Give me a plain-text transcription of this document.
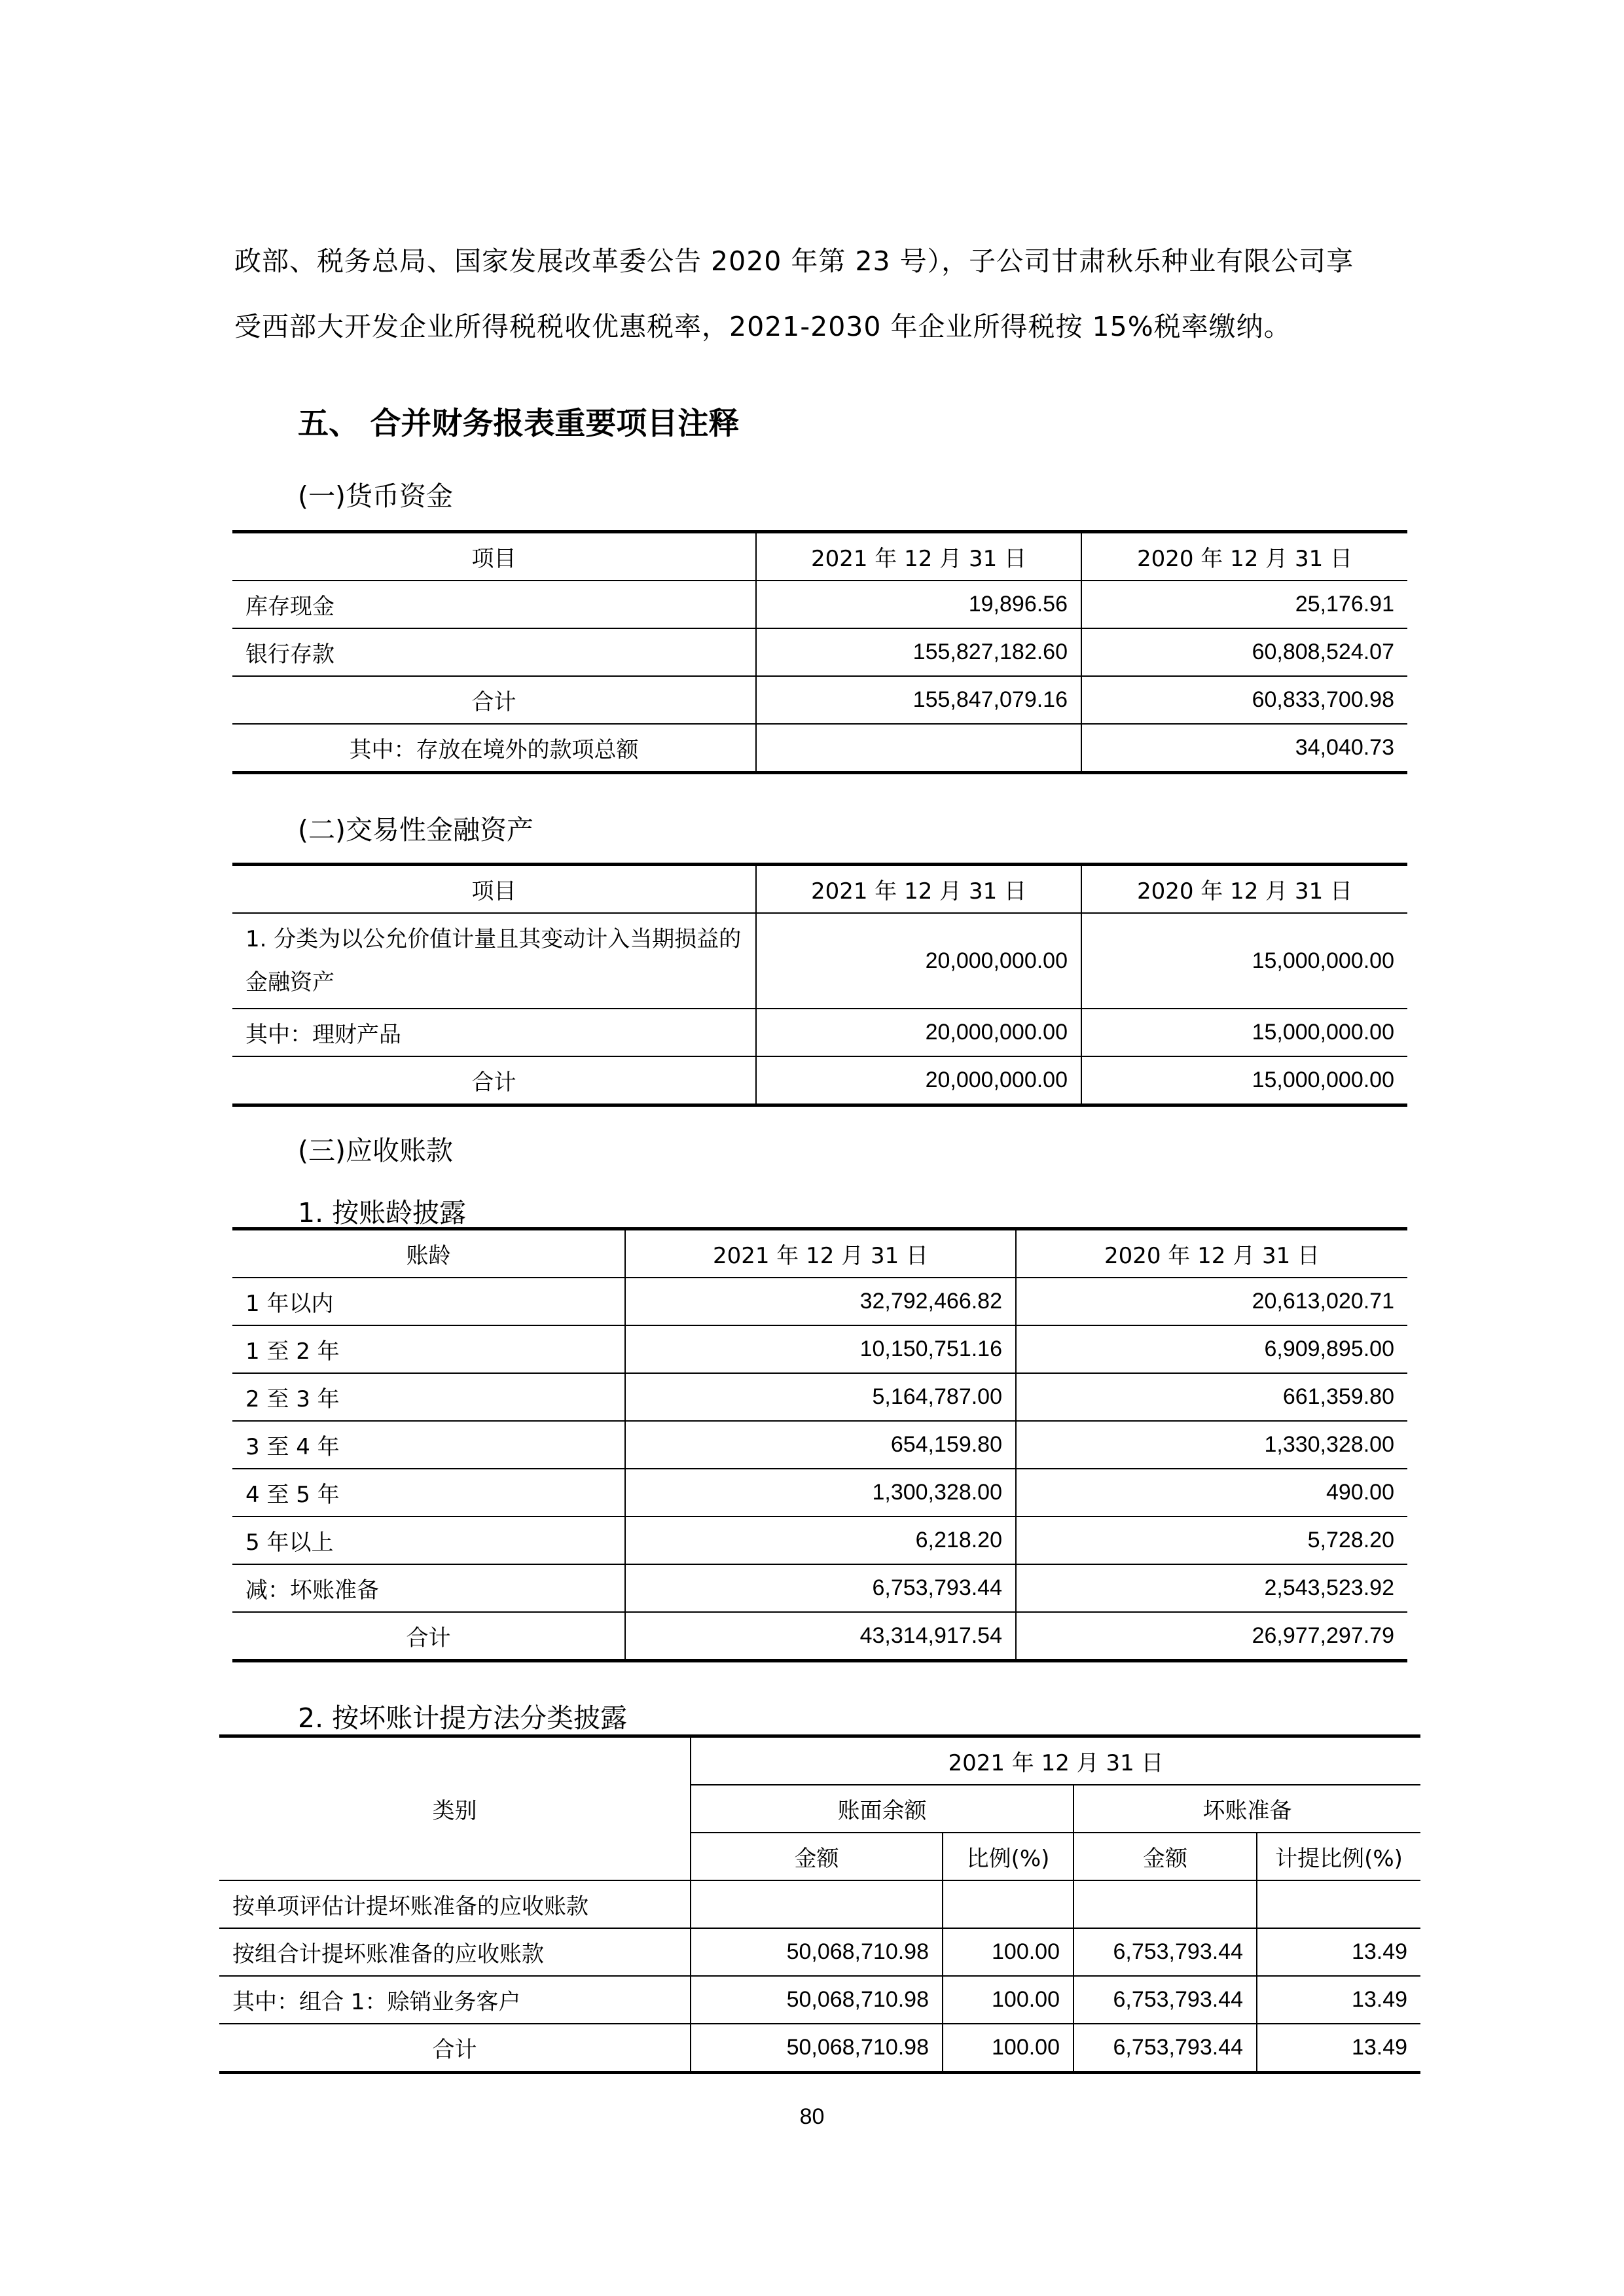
政部、税务总局、国家发展改革委公告 2020 年第 23 号），子公司甘肃秋乐种业有限公司享
受西部大开发企业所得税税收优惠税率，2021-2030 年企业所得税按 15%税率缴纳。
五、 合并财务报表重要项目注释
(一)货币资金
项目	2021 年 12 月 31 日	2020 年 12 月 31 日
库存现金	19,896.56	25,176.91
银行存款	155,827,182.60	60,808,524.07
合计	155,847,079.16	60,833,700.98
其中：存放在境外的款项总额		34,040.73
(二)交易性金融资产
项目	2021 年 12 月 31 日	2020 年 12 月 31 日
1. 分类为以公允价值计量且其变动计入当期损益的金融资产	20,000,000.00	15,000,000.00
其中：理财产品	20,000,000.00	15,000,000.00
合计	20,000,000.00	15,000,000.00
(三)应收账款
1. 按账龄披露
账龄	2021 年 12 月 31 日	2020 年 12 月 31 日
1 年以内	32,792,466.82	20,613,020.71
1 至 2 年	10,150,751.16	6,909,895.00
2 至 3 年	5,164,787.00	661,359.80
3 至 4 年	654,159.80	1,330,328.00
4 至 5 年	1,300,328.00	490.00
5 年以上	6,218.20	5,728.20
减：坏账准备	6,753,793.44	2,543,523.92
合计	43,314,917.54	26,977,297.79
2. 按坏账计提方法分类披露
类别	2021 年 12 月 31 日			
	账面余额		坏账准备	
	金额	比例(%)	金额	计提比例(%)
按单项评估计提坏账准备的应收账款				
按组合计提坏账准备的应收账款	50,068,710.98	100.00	6,753,793.44	13.49
其中：组合 1：赊销业务客户	50,068,710.98	100.00	6,753,793.44	13.49
合计	50,068,710.98	100.00	6,753,793.44	13.49
80
